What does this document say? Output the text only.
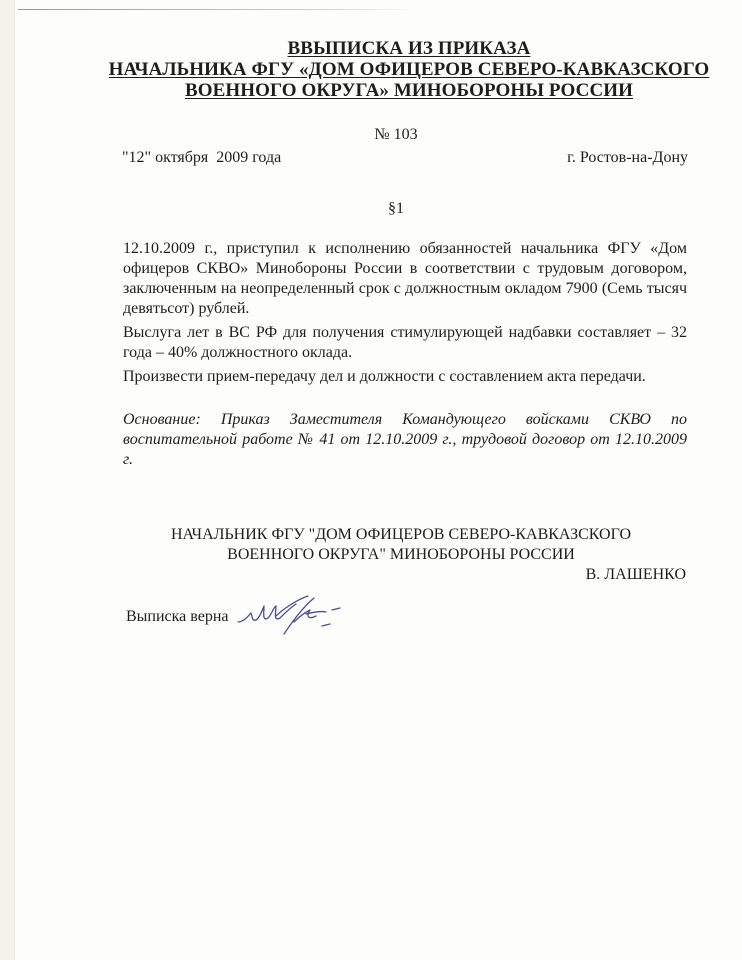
ВВЫПИСКА ИЗ ПРИКАЗА
НАЧАЛЬНИКА ФГУ «ДОМ ОФИЦЕРОВ СЕВЕРО-КАВКАЗСКОГО
ВОЕННОГО ОКРУГА» МИНОБОРОНЫ РОССИИ
№ 103
"12" октября  2009 года	г. Ростов-на-Дону
§1
12.10.2009 г., приступил к исполнению обязанностей начальника ФГУ «Дом офицеров СКВО» Минобороны России в соответствии с трудовым договором, заключенным на неопределенный срок с должностным окладом 7900 (Семь тысяч девятьсот) рублей.
Выслуга лет в ВС РФ для получения стимулирующей надбавки составляет – 32 года – 40% должностного оклада.
Произвести прием-передачу дел и должности с составлением акта передачи.
Основание: Приказ Заместителя Командующего войсками СКВО по воспитательной работе № 41 от 12.10.2009 г., трудовой договор от 12.10.2009 г.
НАЧАЛЬНИК ФГУ "ДОМ ОФИЦЕРОВ СЕВЕРО-КАВКАЗСКОГО
ВОЕННОГО ОКРУГА" МИНОБОРОНЫ РОССИИ
В. ЛАШЕНКО
Выписка верна
